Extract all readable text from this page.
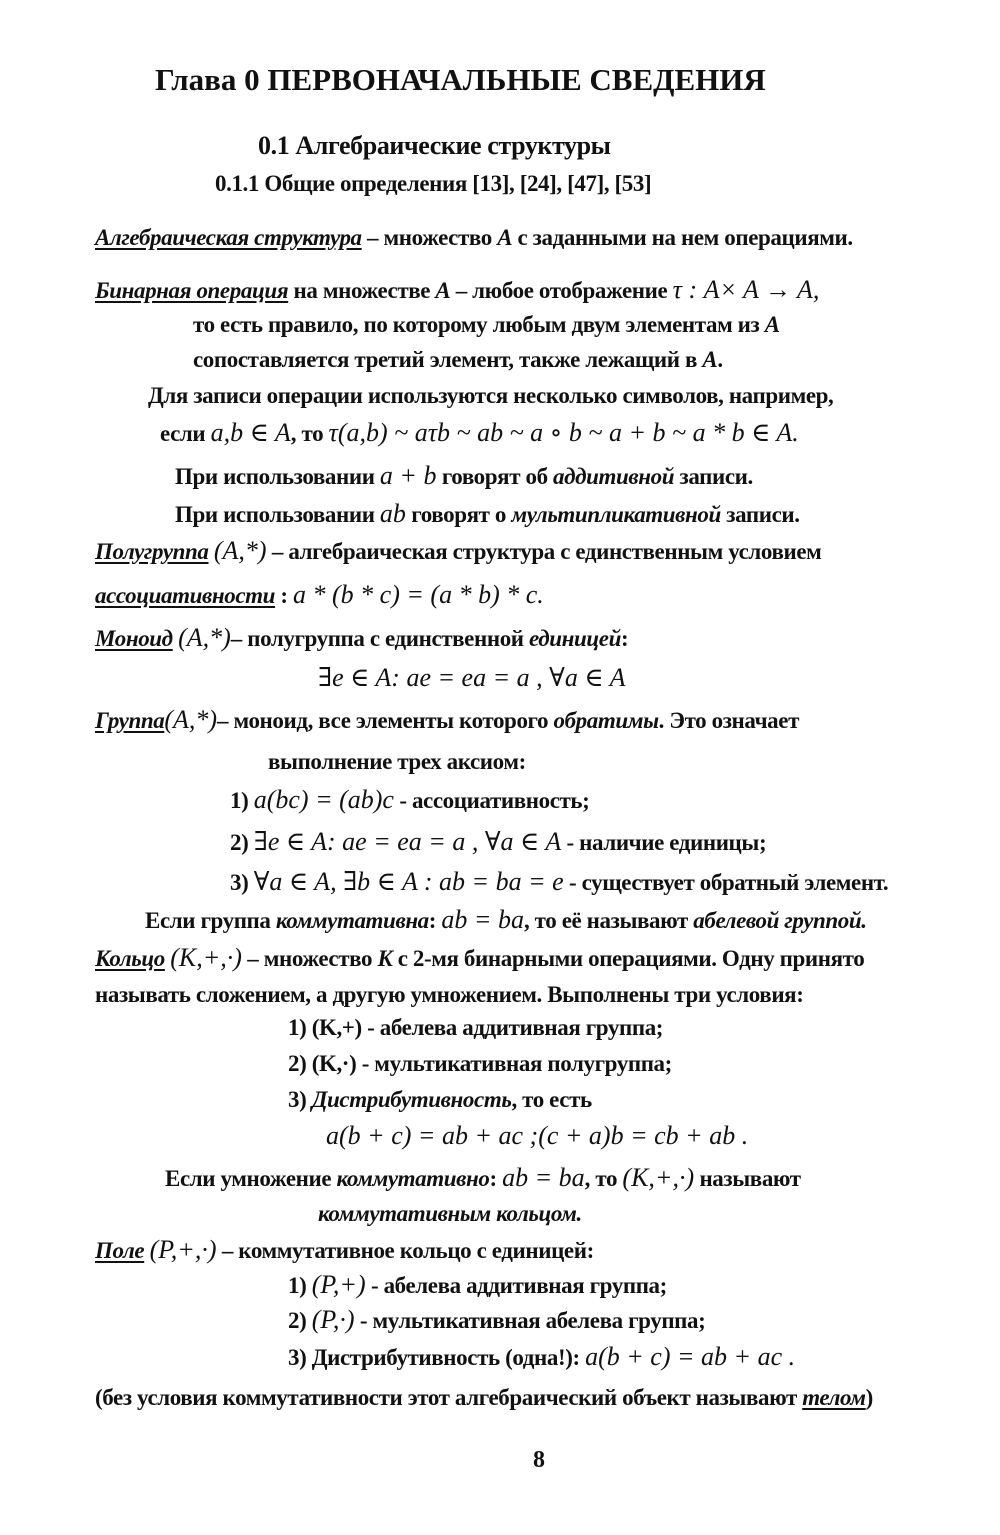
Глава 0 ПЕРВОНАЧАЛЬНЫЕ СВЕДЕНИЯ
0.1 Алгебраические структуры
0.1.1 Общие определения [13], [24], [47], [53]
Алгебраическая структура – множество A с заданными на нем операциями.
Бинарная операция на множестве A – любое отображение τ : A× A → A,
то есть правило, по которому любым двум элементам из A
сопоставляется третий элемент, также лежащий в A.
Для записи операции используются несколько символов, например,
если a,b ∈ A, то τ(a,b) ~ aτb ~ ab ~ a ∘ b ~ a + b ~ a * b ∈ A.
При использовании a + b говорят об аддитивной записи.
При использовании ab говорят о мультипликативной записи.
Полугруппа (A,*) – алгебраическая структура с единственным условием
ассоциативности : a * (b * c) = (a * b) * c.
Моноид (A,*)– полугруппа с единственной единицей:
∃e ∈ A: ae = ea = a , ∀a ∈ A
Группа(A,*)– моноид, все элементы которого обратимы. Это означает
выполнение трех аксиом:
1) a(bc) = (ab)c - ассоциативность;
2) ∃e ∈ A: ae = ea = a , ∀a ∈ A - наличие единицы;
3) ∀a ∈ A, ∃b ∈ A : ab = ba = e - существует обратный элемент.
Если группа коммутативна: ab = ba, то её называют абелевой группой.
Кольцо (K,+,·) – множество K с 2-мя бинарными операциями. Одну принято
называть сложением, а другую умножением. Выполнены три условия:
1) (K,+) - абелева аддитивная группа;
2) (K,·) - мультикативная полугруппа;
3) Дистрибутивность, то есть
a(b + c) = ab + ac ;(c + a)b = cb + ab .
Если умножение коммутативно: ab = ba, то (K,+,·) называют
коммутативным кольцом.
Поле (P,+,·) – коммутативное кольцо с единицей:
1) (P,+) - абелева аддитивная группа;
2) (P,·) - мультикативная абелева группа;
3) Дистрибутивность (одна!): a(b + c) = ab + ac .
(без условия коммутативности этот алгебраический объект называют телом)
8
